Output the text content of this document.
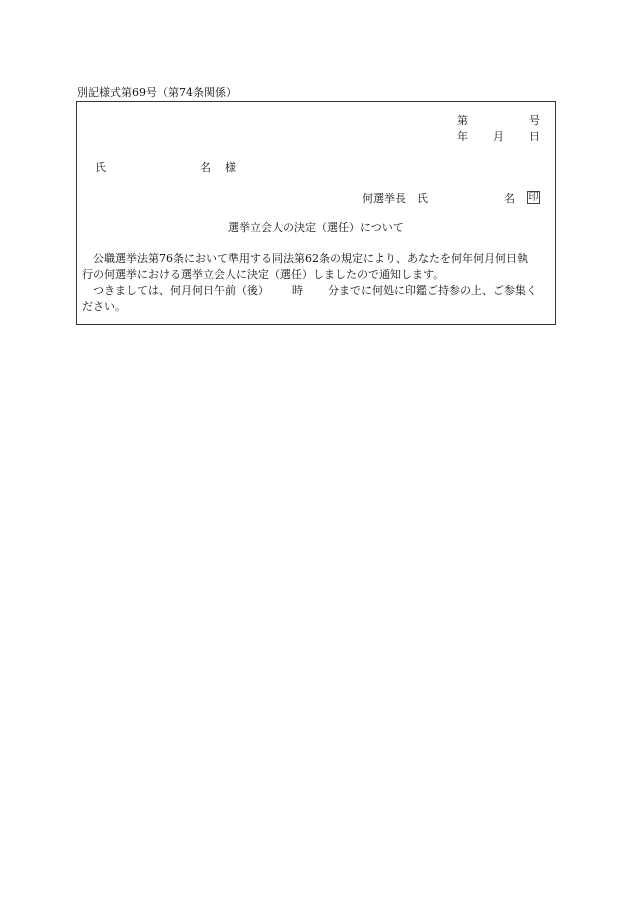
別記様式第69号（第74条関係）
第	号
年 月 日
氏	名 様
何選挙長　氏	名 印
選挙立会人の決定（選任）について
　公職選挙法第76条において準用する同法第62条の規定により、あなたを何年何月何日執
行の何選挙における選挙立会人に決定（選任）しましたので通知します。
　つきましては、何月何日午前（後） 時 分までに何処に印鑑ご持参の上、ご参集く
ださい。
